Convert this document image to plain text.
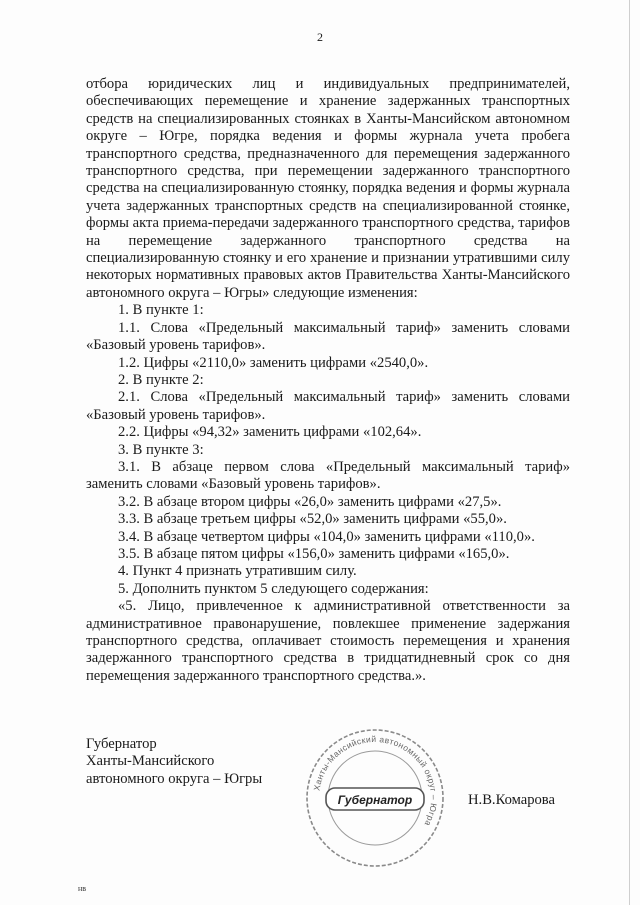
2

отбора юридических лиц и индивидуальных предпринимателей, обеспечивающих перемещение и хранение задержанных транспортных средств на специализированных стоянках в Ханты-Мансийском автономном округе – Югре, порядка ведения и формы журнала учета пробега транспортного средства, предназначенного для перемещения задержанного транспортного средства, при перемещении задержанного транспортного средства на специализированную стоянку, порядка ведения и формы журнала учета задержанных транспортных средств на специализированной стоянке, формы акта приема-передачи задержанного транспортного средства, тарифов на перемещение задержанного транспортного средства на специализированную стоянку и его хранение и признании утратившими силу некоторых нормативных правовых актов Правительства Ханты-Мансийского автономного округа – Югры» следующие изменения:

1. В пункте 1:

1.1. Слова «Предельный максимальный тариф» заменить словами «Базовый уровень тарифов».

1.2. Цифры «2110,0» заменить цифрами «2540,0».

2. В пункте 2:

2.1. Слова «Предельный максимальный тариф» заменить словами «Базовый уровень тарифов».

2.2. Цифры «94,32» заменить цифрами «102,64».

3. В пункте 3:

3.1. В абзаце первом слова «Предельный максимальный тариф» заменить словами «Базовый уровень тарифов».

3.2. В абзаце втором цифры «26,0» заменить цифрами «27,5».

3.3. В абзаце третьем цифры «52,0» заменить цифрами «55,0».

3.4. В абзаце четвертом цифры «104,0» заменить цифрами «110,0».

3.5. В абзаце пятом цифры «156,0» заменить цифрами «165,0».

4. Пункт 4 признать утратившим силу.

5. Дополнить пунктом 5 следующего содержания:

«5. Лицо, привлеченное к административной ответственности за административное правонарушение, повлекшее применение задержания транспортного средства, оплачивает стоимость перемещения и хранения задержанного транспортного средства в тридцатидневный срок со дня перемещения задержанного транспортного средства.».

Губернатор
Ханты-Мансийского
автономного округа – Югры
Ханты-Мансийский автономный округ – Югра
Губернатор	Н.В.Комарова
нв
